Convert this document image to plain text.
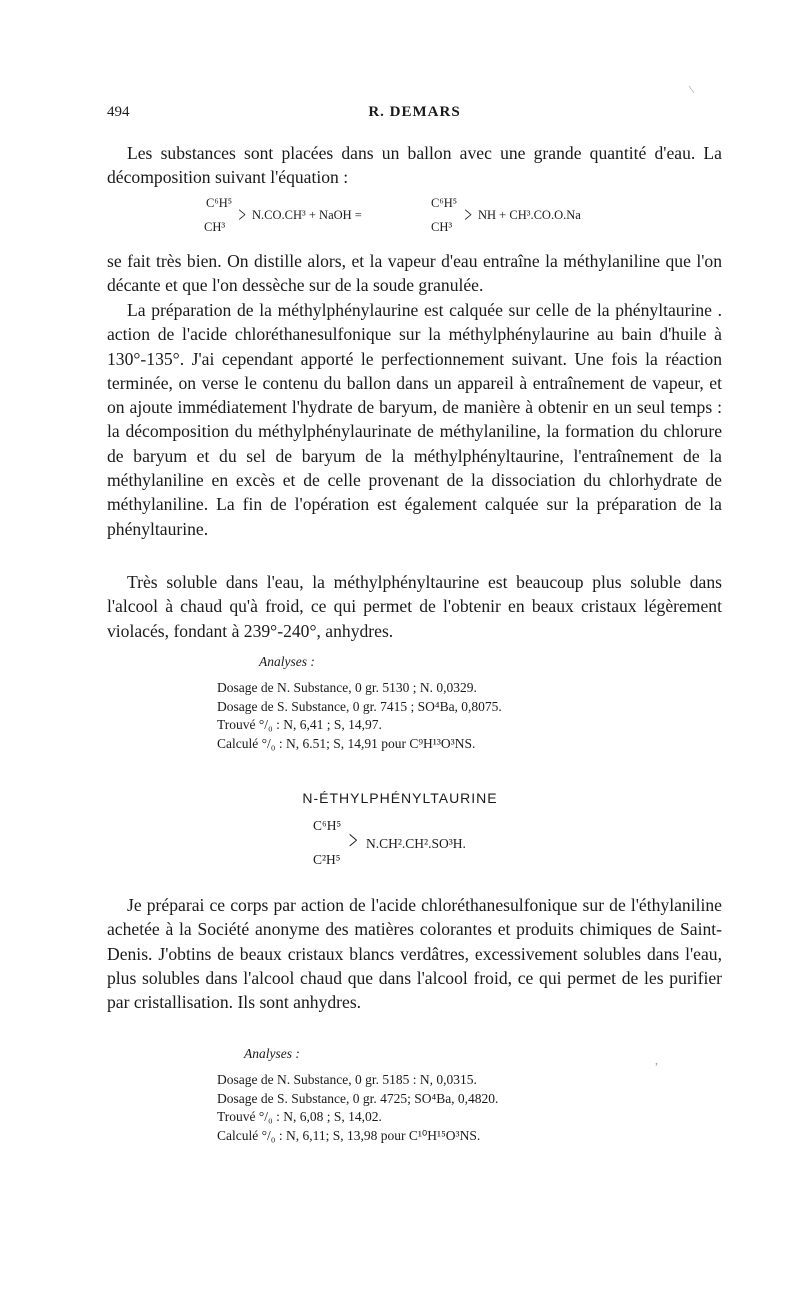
494	R. DEMARS

Les substances sont placées dans un ballon avec une grande quantité d'eau. La décomposition suivant l'équation :

C⁶H⁵
CH³ > N.CO.CH³ + NaOH =
C⁶H⁵
CH³ > NH + CH³.CO.O.Na

se fait très bien. On distille alors, et la vapeur d'eau entraîne la méthylaniline que l'on décante et que l'on dessèche sur de la soude granulée.

La préparation de la méthylphénylaurine est calquée sur celle de la phényltaurine . action de l'acide chloréthanesulfonique sur la méthylphénylaurine au bain d'huile à 130°-135°. J'ai cependant apporté le perfectionnement suivant. Une fois la réaction terminée, on verse le contenu du ballon dans un appareil à entraînement de vapeur, et on ajoute immédiatement l'hydrate de baryum, de manière à obtenir en un seul temps : la décomposition du méthylphénylaurinate de méthylaniline, la formation du chlorure de baryum et du sel de baryum de la méthylphényltaurine, l'entraînement de la méthylaniline en excès et de celle provenant de la dissociation du chlorhydrate de méthylaniline. La fin de l'opération est également calquée sur la préparation de la phényltaurine.

Très soluble dans l'eau, la méthylphényltaurine est beaucoup plus soluble dans l'alcool à chaud qu'à froid, ce qui permet de l'obtenir en beaux cristaux légèrement violacés, fondant à 239°-240°, anhydres.

Analyses :
Dosage de N. Substance, 0 gr. 5130 ; N. 0,0329.
Dosage de S. Substance, 0 gr. 7415 ; SO⁴Ba, 0,8075.
Trouvé °/₀ : N, 6,41 ; S, 14,97.
Calculé °/₀ : N, 6.51; S, 14,91 pour C⁹H¹³O³NS.
N-ÉTHYLPHÉNYLTAURINE
C⁶H⁵
C²H⁵
> N.CH².CH².SO³H.

Je préparai ce corps par action de l'acide chloréthanesulfonique sur de l'éthylaniline achetée à la Société anonyme des matières colorantes et produits chimiques de Saint-Denis. J'obtins de beaux cristaux blancs verdâtres, excessivement solubles dans l'eau, plus solubles dans l'alcool chaud que dans l'alcool froid, ce qui permet de les purifier par cristallisation. Ils sont anhydres.

Analyses :
Dosage de N. Substance, 0 gr. 5185 : N, 0,0315.
Dosage de S. Substance, 0 gr. 4725; SO⁴Ba, 0,4820.
Trouvé °/₀ : N, 6,08 ; S, 14,02.
Calculé °/₀ : N, 6,11; S, 13,98 pour C¹⁰H¹⁵O³NS.
/
,
